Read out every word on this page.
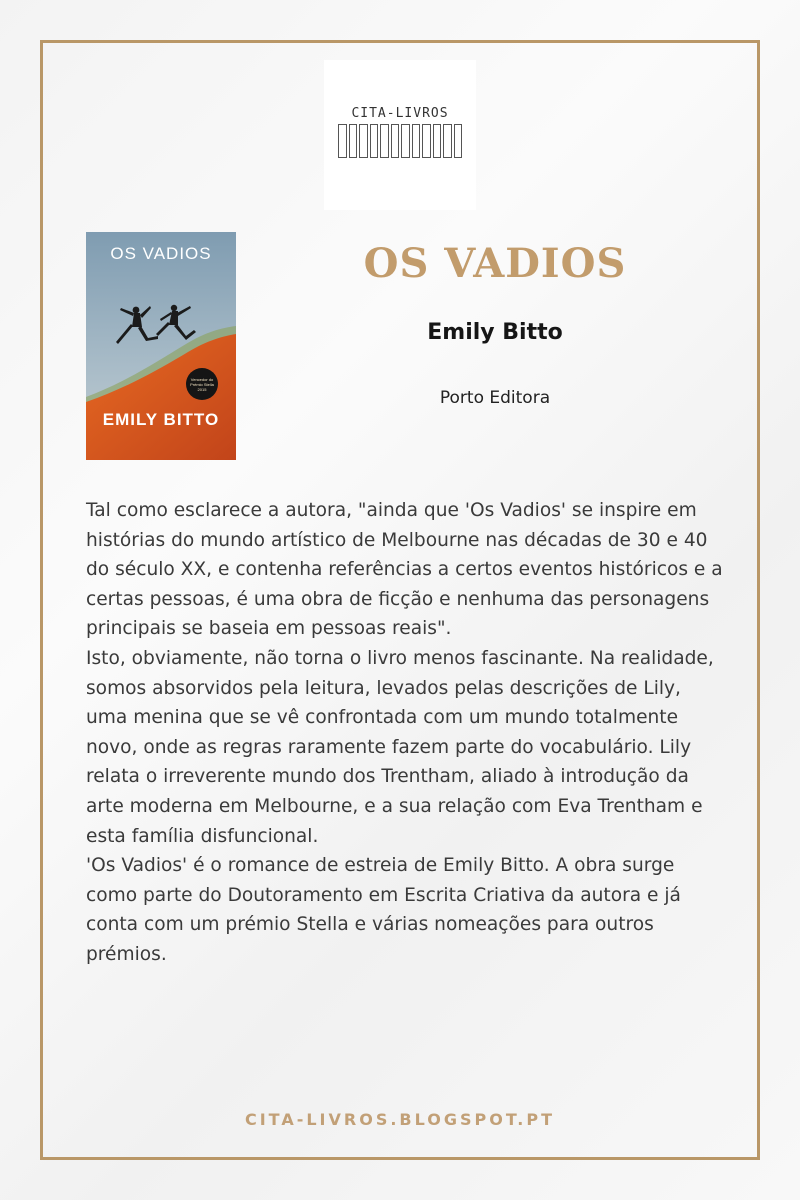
CITA-LIVROS
OS VADIOS
Vencedor do
Prémio Stella
2015
EMILY BITTO
OS VADIOS
Emily Bitto
Porto Editora

Tal como esclarece a autora, "ainda que 'Os Vadios' se inspire em histórias do mundo artístico de Melbourne nas décadas de 30 e 40 do século XX, e contenha referências a certos eventos históricos e a certas pessoas, é uma obra de ficção e nenhuma das personagens principais se baseia em pessoas reais".

Isto, obviamente, não torna o livro menos fascinante. Na realidade, somos absorvidos pela leitura, levados pelas descrições de Lily, uma menina que se vê confrontada com um mundo totalmente novo, onde as regras raramente fazem parte do vocabulário. Lily relata o irreverente mundo dos Trentham, aliado à introdução da arte moderna em Melbourne, e a sua relação com Eva Trentham e esta família disfuncional.

'Os Vadios' é o romance de estreia de Emily Bitto. A obra surge como parte do Doutoramento em Escrita Criativa da autora e já conta com um prémio Stella e várias nomeações para outros prémios.

CITA-LIVROS.BLOGSPOT.PT
